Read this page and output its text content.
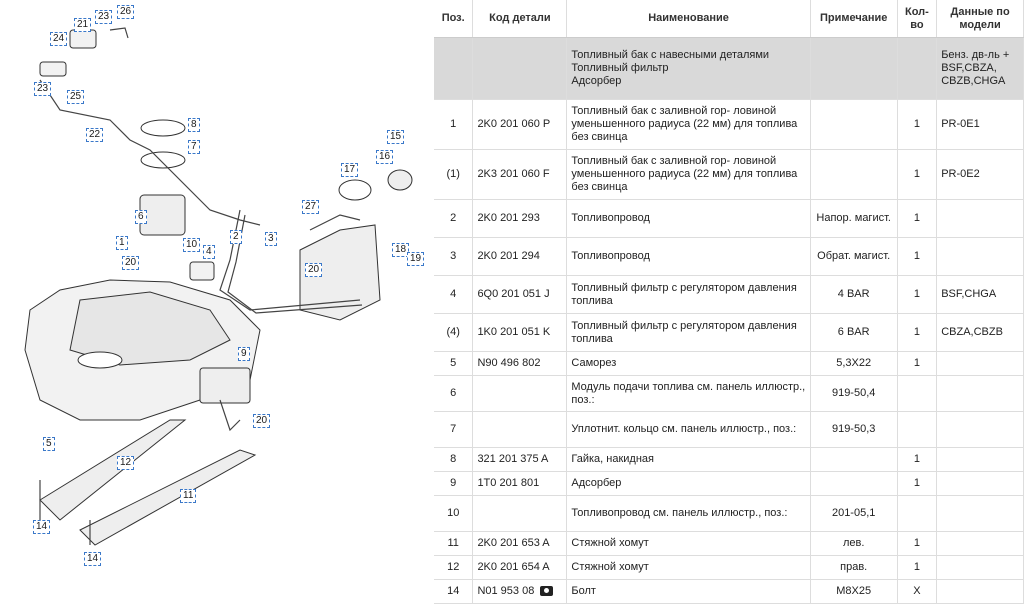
23	26
21
24
23
25
22
8
7
6
1
20
10
4
2	3
27
17
16
15
18
19
20
9
20
5
12
11
14
14
Поз.	Код детали	Наименование	Примечание	Кол-во	Данные по модели

		Топливный бак с навесными деталями
Топливный фильтр
Адсорбер			Бенз. дв-ль + BSF,CBZA, CBZB,CHGA
1	2K0 201 060 P	Топливный бак с заливной гор- ловиной уменьшенного радиуса (22 мм) для топлива без свинца		1	PR-0E1
(1)	2K3 201 060 F	Топливный бак с заливной гор- ловиной уменьшенного радиуса (22 мм) для топлива без свинца		1	PR-0E2
2	2K0 201 293	Топливопровод	Напор. магист.	1	
3	2K0 201 294	Топливопровод	Обрат. магист.	1	
4	6Q0 201 051 J	Топливный фильтр с регулятором давления топлива	4 BAR	1	BSF,CHGA
(4)	1K0 201 051 K	Топливный фильтр с регулятором давления топлива	6 BAR	1	CBZA,CBZB
5	N90 496 802	Саморез	5,3X22	1	
6		Модуль подачи топлива см. панель иллюстр., поз.:	919-50,4		
7		Уплотнит. кольцо см. панель иллюстр., поз.:	919-50,3		
8	321 201 375 A	Гайка, накидная		1	
9	1T0 201 801	Адсорбер		1	
10		Топливопровод см. панель иллюстр., поз.:	201-05,1		
11	2K0 201 653 A	Стяжной хомут	лев.	1	
12	2K0 201 654 A	Стяжной хомут	прав.	1	
14	N01 953 08	Болт	M8X25	X	
